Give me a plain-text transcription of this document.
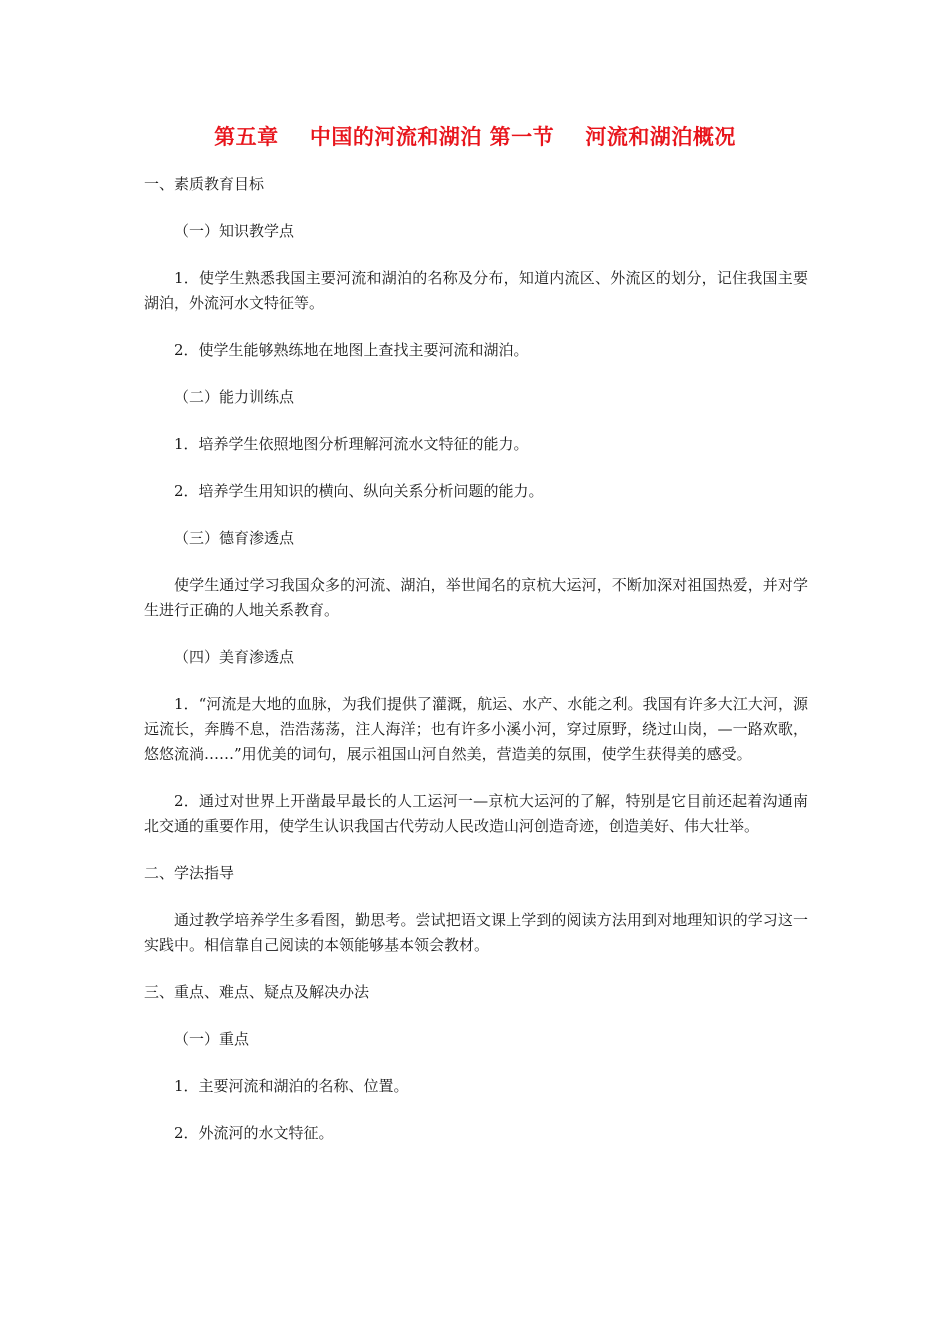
第五章    中国的河流和湖泊 第一节    河流和湖泊概况

一、素质教育目标

（一）知识教学点

1．使学生熟悉我国主要河流和湖泊的名称及分布，知道内流区、外流区的划分，记住我国主要湖泊，外流河水文特征等。

2．使学生能够熟练地在地图上查找主要河流和湖泊。

（二）能力训练点

1．培养学生依照地图分析理解河流水文特征的能力。

2．培养学生用知识的横向、纵向关系分析问题的能力。

（三）德育渗透点

使学生通过学习我国众多的河流、湖泊，举世闻名的京杭大运河，不断加深对祖国热爱，并对学生进行正确的人地关系教育。

（四）美育渗透点

1．“河流是大地的血脉，为我们提供了灌溉，航运、水产、水能之利。我国有许多大江大河，源远流长，奔腾不息，浩浩荡荡，注人海洋；也有许多小溪小河，穿过原野，绕过山岗，—一路欢歌，悠悠流淌……”用优美的词句，展示祖国山河自然美，营造美的氛围，使学生获得美的感受。

2．通过对世界上开凿最早最长的人工运河一—京杭大运河的了解，特别是它目前还起着沟通南北交通的重要作用，使学生认识我国古代劳动人民改造山河创造奇迹，创造美好、伟大壮举。

二、学法指导

通过教学培养学生多看图，勤思考。尝试把语文课上学到的阅读方法用到对地理知识的学习这一实践中。相信靠自己阅读的本领能够基本领会教材。

三、重点、难点、疑点及解决办法

（一）重点

1．主要河流和湖泊的名称、位置。

2．外流河的水文特征。
